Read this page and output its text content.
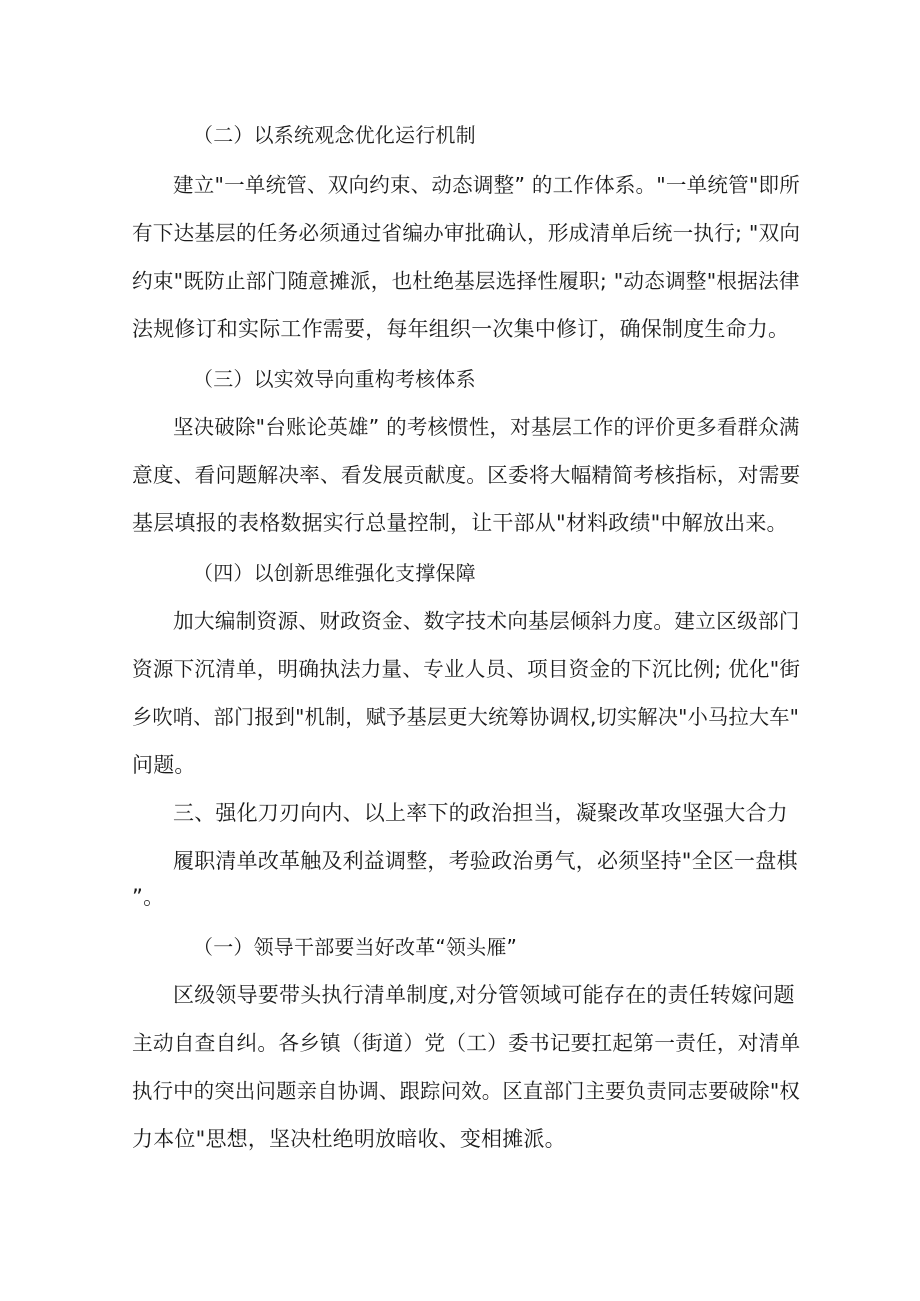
（二）以系统观念优化运行机制
建立"一单统管、双向约束、动态调整” 的工作体系。"一单统管"即所
有下达基层的任务必须通过省编办审批确认，形成清单后统一执行; "双向
约束"既防止部门随意摊派，也杜绝基层选择性履职; "动态调整"根据法律
法规修订和实际工作需要，每年组织一次集中修订，确保制度生命力。
（三）以实效导向重构考核体系
坚决破除"台账论英雄” 的考核惯性，对基层工作的评价更多看群众满
意度、看问题解决率、看发展贡献度。区委将大幅精简考核指标，对需要
基层填报的表格数据实行总量控制，让干部从"材料政绩"中解放出来。
（四）以创新思维强化支撑保障
加大编制资源、财政资金、数字技术向基层倾斜力度。建立区级部门
资源下沉清单，明确执法力量、专业人员、项目资金的下沉比例; 优化"街
乡吹哨、部门报到"机制，赋予基层更大统筹协调权,切实解决"小马拉大车"
问题。
三、强化刀刃向内、以上率下的政治担当，凝聚改革攻坚强大合力
履职清单改革触及利益调整，考验政治勇气，必须坚持"全区一盘棋
”。
（一）领导干部要当好改革“领头雁”
区级领导要带头执行清单制度,对分管领域可能存在的责任转嫁问题
主动自查自纠。各乡镇（街道）党（工）委书记要扛起第一责任，对清单
执行中的突出问题亲自协调、跟踪问效。区直部门主要负责同志要破除"权
力本位"思想，坚决杜绝明放暗收、变相摊派。
